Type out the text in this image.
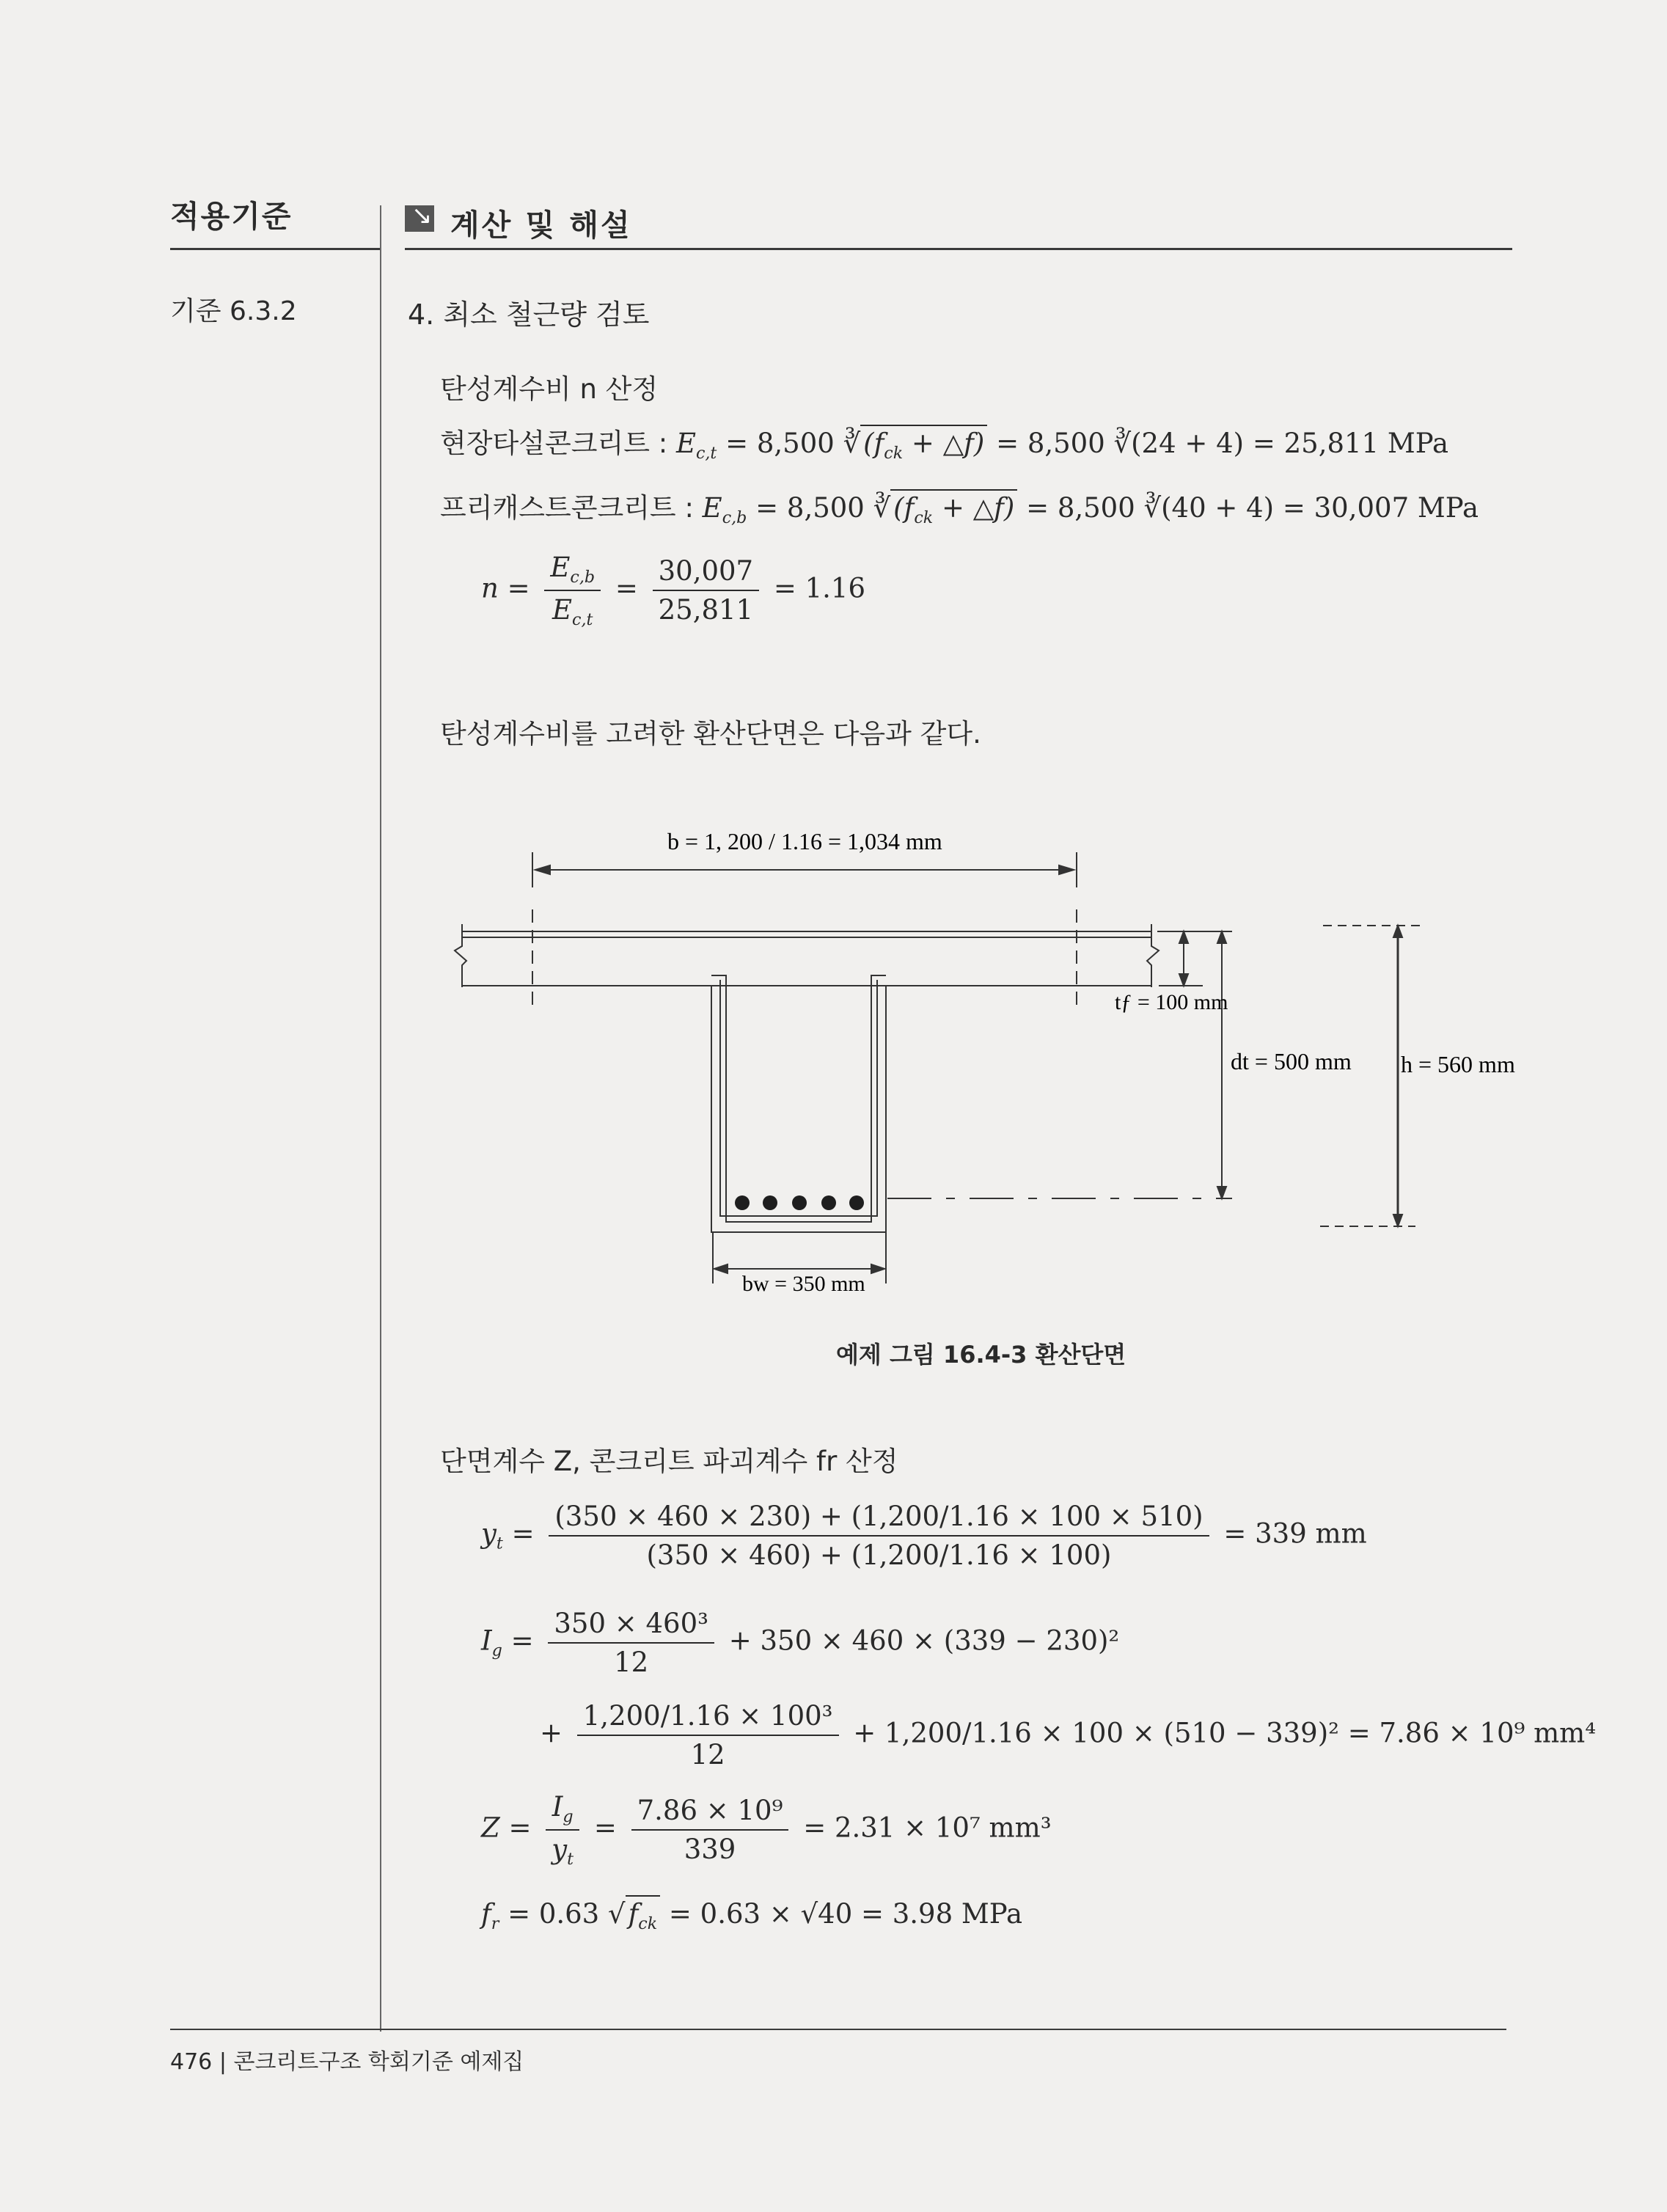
적용기준	↘ 계산 및 해설
기준 6.3.2	4. 최소 철근량 검토
탄성계수비 n 산정
현장타설콘크리트 : $E_{c,t} = 8,500$ ∛ ($f_{ck}$ + △f) = 8,500 ∛(24 + 4) = 25,811 MPa
프리캐스트콘크리트 : $E_{c,b} = 8,500$ ∛ ($f_{ck}$ + △f) = 8,500 ∛(40 + 4) = 30,007 MPa
$n = \frac{E_{c,b}}{E_{c,t}} = \frac{30,007}{25,811} = 1.16$
탄성계수비를 고려한 환산단면은 다음과 같다.
b = 1, 200 / 1.16 = 1,034 mm
tƒ = 100 mm
dt = 500 mm h = 560 mm
bw = 350 mm
예제 그림 16.4-3 환산단면
단면계수 Z, 콘크리트 파괴계수 fr 산정
$y_t = \frac{(350 \times 460 \times 230) + (1,200/1.16 \times 100 \times 510)}{(350 \times 460) + (1,200/1.16 \times 100)} = 339$ mm
$I_g = \frac{\text{350 × 460³}}{12} + 350 \times 460 \times (339 - 230)^2$
+ $\frac{\text{1,200/1.16 × 100³}}{12} + 1,200/1.16 \times 100 \times (510 - 339)^2 = 7.86 \times 10^9$ mm⁴
$Z = \frac{I_g}{y_t} = \frac{\text{7.86 × 10⁹}}{339} = 2.31 \times 10^7$ mm³
$f_r = 0.63$ √ $f_{ck} = 0.63 \times √40 = 3.98$ MPa
476 | 콘크리트구조 학회기준 예제집
